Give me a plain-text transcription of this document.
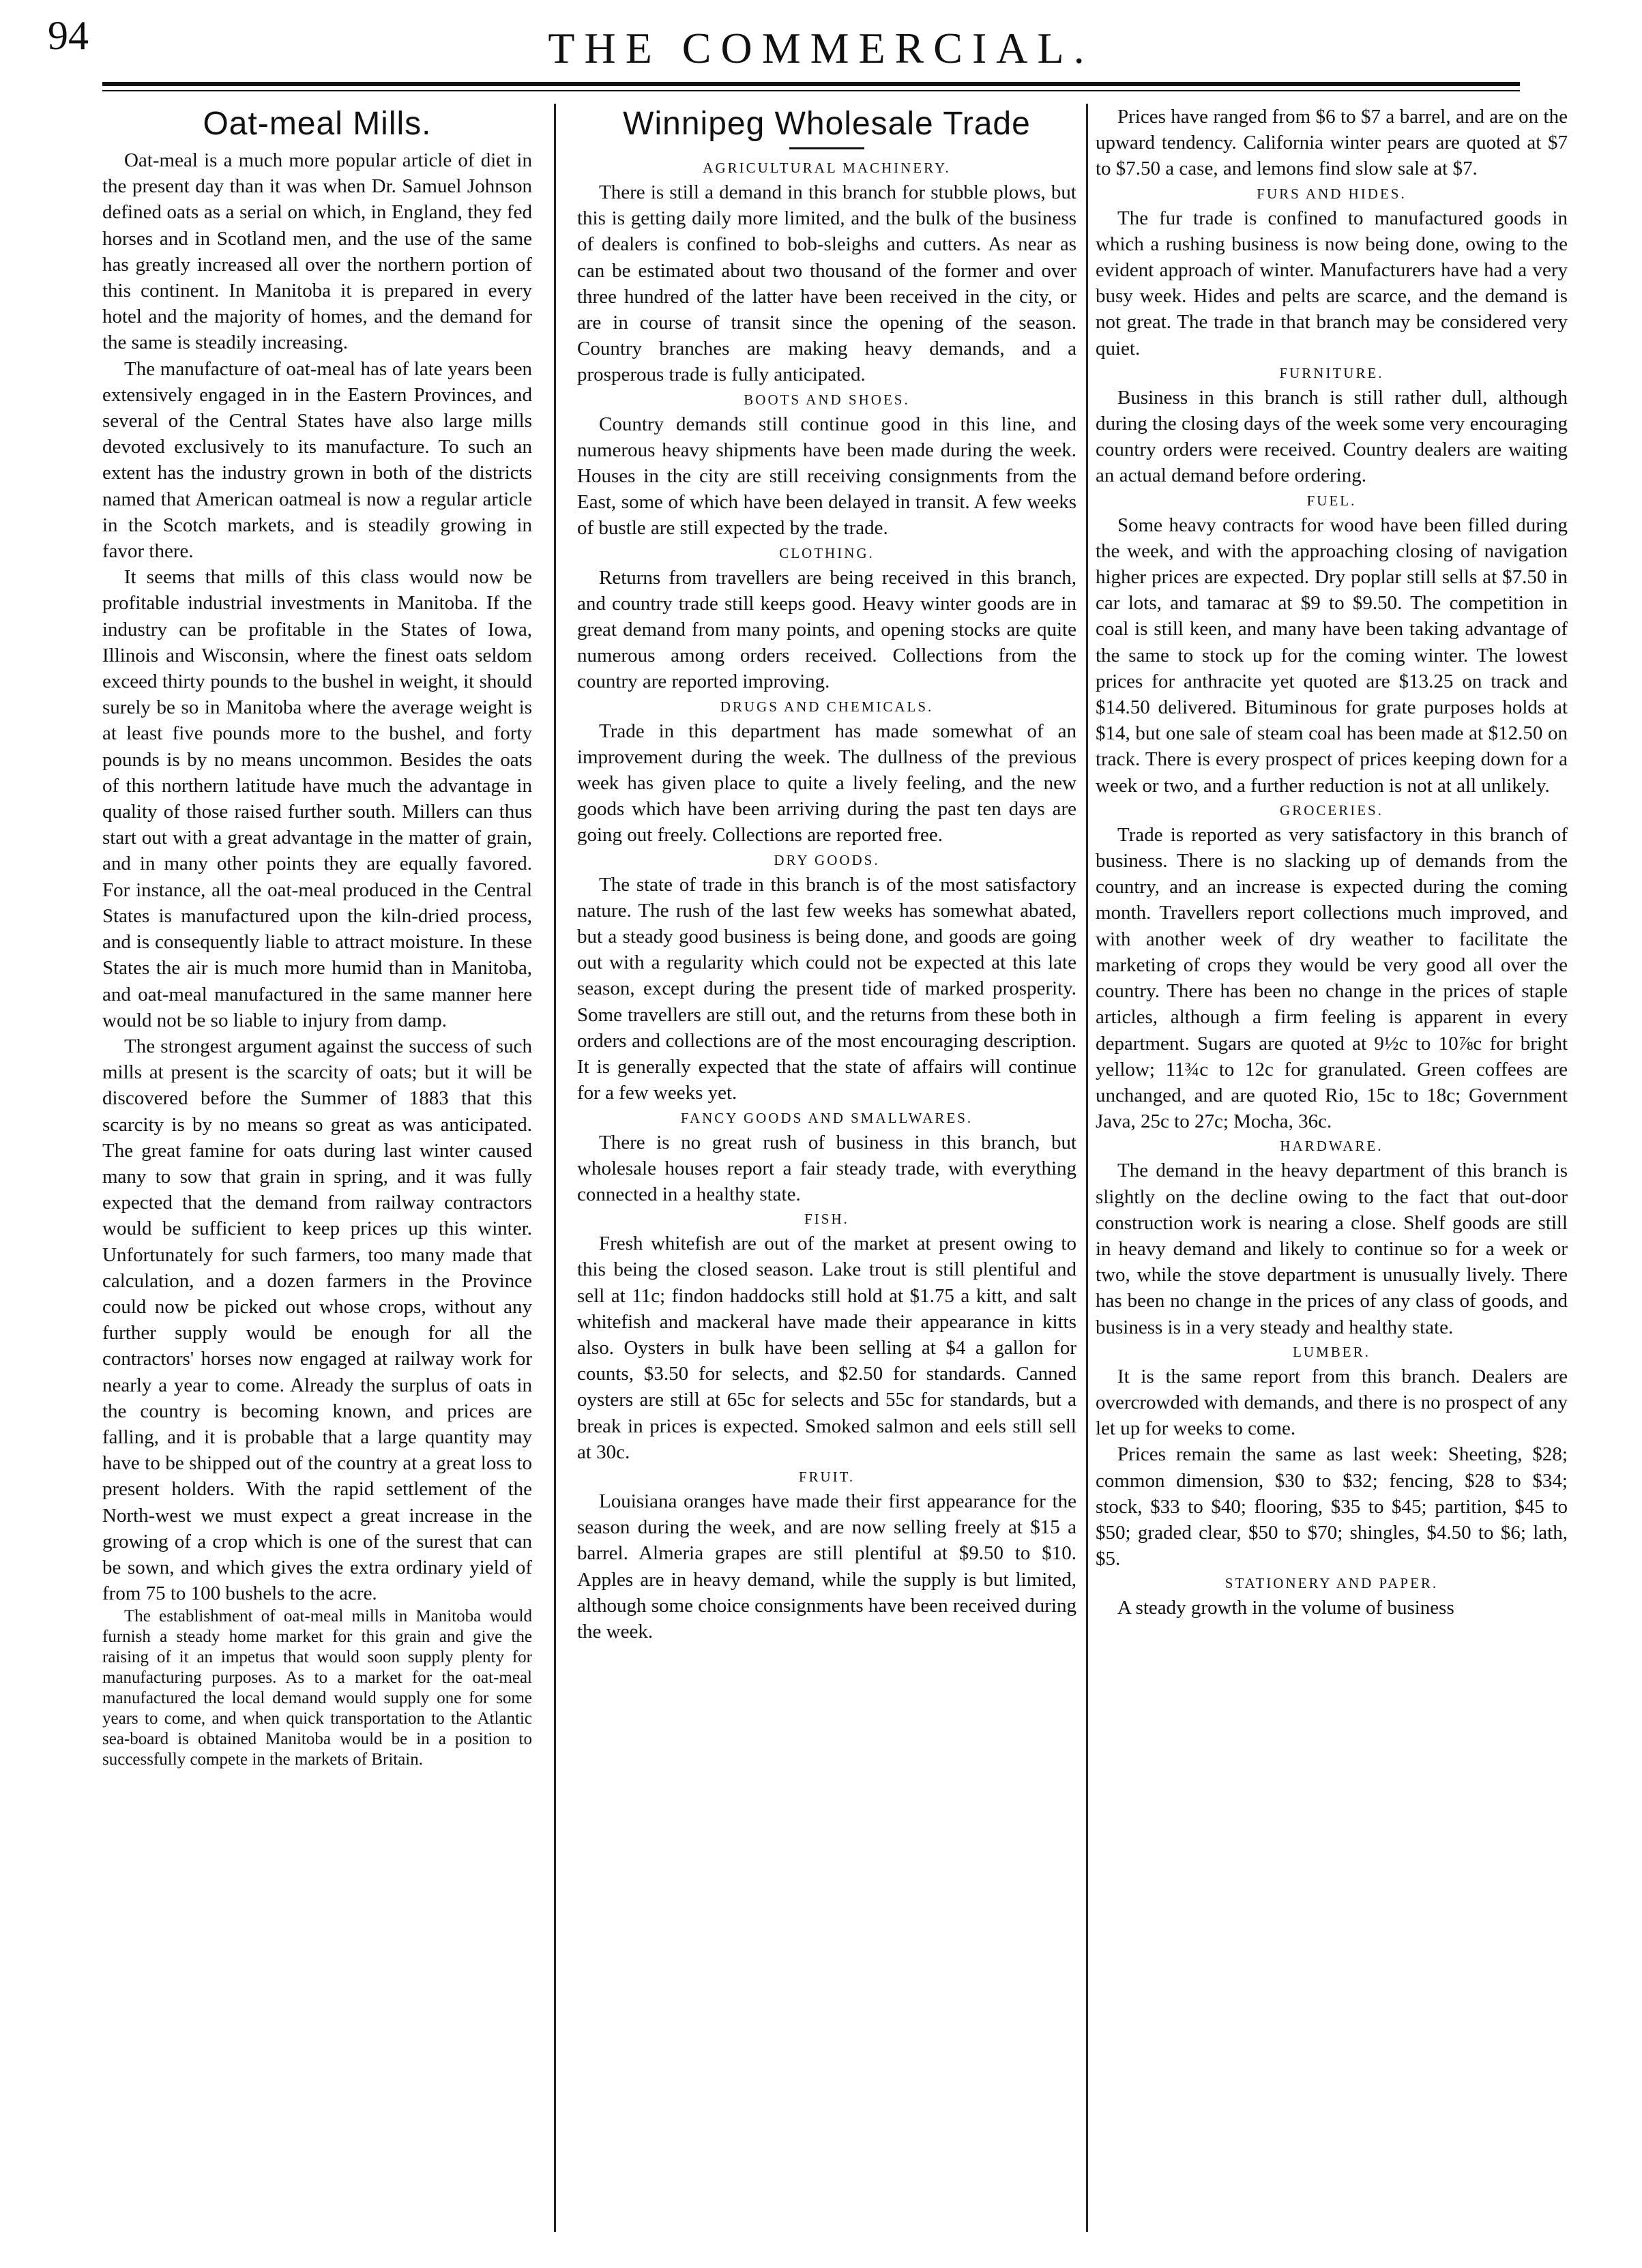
94	THE COMMERCIAL.
Oat-meal Mills.

Oat-meal is a much more popular article of diet in the present day than it was when Dr. Samuel Johnson defined oats as a serial on which, in England, they fed horses and in Scotland men, and the use of the same has greatly increased all over the northern portion of this continent. In Manitoba it is prepared in every hotel and the majority of homes, and the demand for the same is steadily increasing.

The manufacture of oat-meal has of late years been extensively engaged in in the Eastern Provinces, and several of the Central States have also large mills devoted exclusively to its manufacture. To such an extent has the industry grown in both of the districts named that American oatmeal is now a regular article in the Scotch markets, and is steadily growing in favor there.

It seems that mills of this class would now be profitable industrial investments in Manitoba. If the industry can be profitable in the States of Iowa, Illinois and Wisconsin, where the finest oats seldom exceed thirty pounds to the bushel in weight, it should surely be so in Manitoba where the average weight is at least five pounds more to the bushel, and forty pounds is by no means uncommon. Besides the oats of this northern latitude have much the advantage in quality of those raised further south. Millers can thus start out with a great advantage in the matter of grain, and in many other points they are equally favored. For instance, all the oat-meal produced in the Central States is manufactured upon the kiln-dried process, and is consequently liable to attract moisture. In these States the air is much more humid than in Manitoba, and oat-meal manufactured in the same manner here would not be so liable to injury from damp.

The strongest argument against the success of such mills at present is the scarcity of oats; but it will be discovered before the Summer of 1883 that this scarcity is by no means so great as was anticipated. The great famine for oats during last winter caused many to sow that grain in spring, and it was fully expected that the demand from railway contractors would be sufficient to keep prices up this winter. Unfortunately for such farmers, too many made that calculation, and a dozen farmers in the Province could now be picked out whose crops, without any further supply would be enough for all the contractors' horses now engaged at railway work for nearly a year to come. Already the surplus of oats in the country is becoming known, and prices are falling, and it is probable that a large quantity may have to be shipped out of the country at a great loss to present holders. With the rapid settlement of the North-west we must expect a great increase in the growing of a crop which is one of the surest that can be sown, and which gives the extra ordinary yield of from 75 to 100 bushels to the acre.

The establishment of oat-meal mills in Manitoba would furnish a steady home market for this grain and give the raising of it an impetus that would soon supply plenty for manufacturing purposes. As to a market for the oat-meal manufactured the local demand would supply one for some years to come, and when quick transportation to the Atlantic sea-board is obtained Manitoba would be in a position to successfully compete in the markets of Britain.

Winnipeg Wholesale Trade

AGRICULTURAL MACHINERY.

There is still a demand in this branch for stubble plows, but this is getting daily more limited, and the bulk of the business of dealers is confined to bob-sleighs and cutters. As near as can be estimated about two thousand of the former and over three hundred of the latter have been received in the city, or are in course of transit since the opening of the season. Country branches are making heavy demands, and a prosperous trade is fully anticipated.

BOOTS AND SHOES.

Country demands still continue good in this line, and numerous heavy shipments have been made during the week. Houses in the city are still receiving consignments from the East, some of which have been delayed in transit. A few weeks of bustle are still expected by the trade.

CLOTHING.

Returns from travellers are being received in this branch, and country trade still keeps good. Heavy winter goods are in great demand from many points, and opening stocks are quite numerous among orders received. Collections from the country are reported improving.

DRUGS AND CHEMICALS.

Trade in this department has made somewhat of an improvement during the week. The dullness of the previous week has given place to quite a lively feeling, and the new goods which have been arriving during the past ten days are going out freely. Collections are reported free.

DRY GOODS.

The state of trade in this branch is of the most satisfactory nature. The rush of the last few weeks has somewhat abated, but a steady good business is being done, and goods are going out with a regularity which could not be expected at this late season, except during the present tide of marked prosperity. Some travellers are still out, and the returns from these both in orders and collections are of the most encouraging description. It is generally expected that the state of affairs will continue for a few weeks yet.

FANCY GOODS AND SMALLWARES.

There is no great rush of business in this branch, but wholesale houses report a fair steady trade, with everything connected in a healthy state.

FISH.

Fresh whitefish are out of the market at present owing to this being the closed season. Lake trout is still plentiful and sell at 11c; findon haddocks still hold at $1.75 a kitt, and salt whitefish and mackeral have made their appearance in kitts also. Oysters in bulk have been selling at $4 a gallon for counts, $3.50 for selects, and $2.50 for standards. Canned oysters are still at 65c for selects and 55c for standards, but a break in prices is expected. Smoked salmon and eels still sell at 30c.

FRUIT.

Louisiana oranges have made their first appearance for the season during the week, and are now selling freely at $15 a barrel. Almeria grapes are still plentiful at $9.50 to $10. Apples are in heavy demand, while the supply is but limited, although some choice consignments have been received during the week.

Prices have ranged from $6 to $7 a barrel, and are on the upward tendency. California winter pears are quoted at $7 to $7.50 a case, and lemons find slow sale at $7.

FURS AND HIDES.

The fur trade is confined to manufactured goods in which a rushing business is now being done, owing to the evident approach of winter. Manufacturers have had a very busy week. Hides and pelts are scarce, and the demand is not great. The trade in that branch may be considered very quiet.

FURNITURE.

Business in this branch is still rather dull, although during the closing days of the week some very encouraging country orders were received. Country dealers are waiting an actual demand before ordering.

FUEL.

Some heavy contracts for wood have been filled during the week, and with the approaching closing of navigation higher prices are expected. Dry poplar still sells at $7.50 in car lots, and tamarac at $9 to $9.50. The competition in coal is still keen, and many have been taking advantage of the same to stock up for the coming winter. The lowest prices for anthracite yet quoted are $13.25 on track and $14.50 delivered. Bituminous for grate purposes holds at $14, but one sale of steam coal has been made at $12.50 on track. There is every prospect of prices keeping down for a week or two, and a further reduction is not at all unlikely.

GROCERIES.

Trade is reported as very satisfactory in this branch of business. There is no slacking up of demands from the country, and an increase is expected during the coming month. Travellers report collections much improved, and with another week of dry weather to facilitate the marketing of crops they would be very good all over the country. There has been no change in the prices of staple articles, although a firm feeling is apparent in every department. Sugars are quoted at 9½c to 10⅞c for bright yellow; 11¾c to 12c for granulated. Green coffees are unchanged, and are quoted Rio, 15c to 18c; Government Java, 25c to 27c; Mocha, 36c.

HARDWARE.

The demand in the heavy department of this branch is slightly on the decline owing to the fact that out-door construction work is nearing a close. Shelf goods are still in heavy demand and likely to continue so for a week or two, while the stove department is unusually lively. There has been no change in the prices of any class of goods, and business is in a very steady and healthy state.

LUMBER.

It is the same report from this branch. Dealers are overcrowded with demands, and there is no prospect of any let up for weeks to come.

Prices remain the same as last week: Sheeting, $28; common dimension, $30 to $32; fencing, $28 to $34; stock, $33 to $40; flooring, $35 to $45; partition, $45 to $50; graded clear, $50 to $70; shingles, $4.50 to $6; lath, $5.

STATIONERY AND PAPER.

A steady growth in the volume of business
